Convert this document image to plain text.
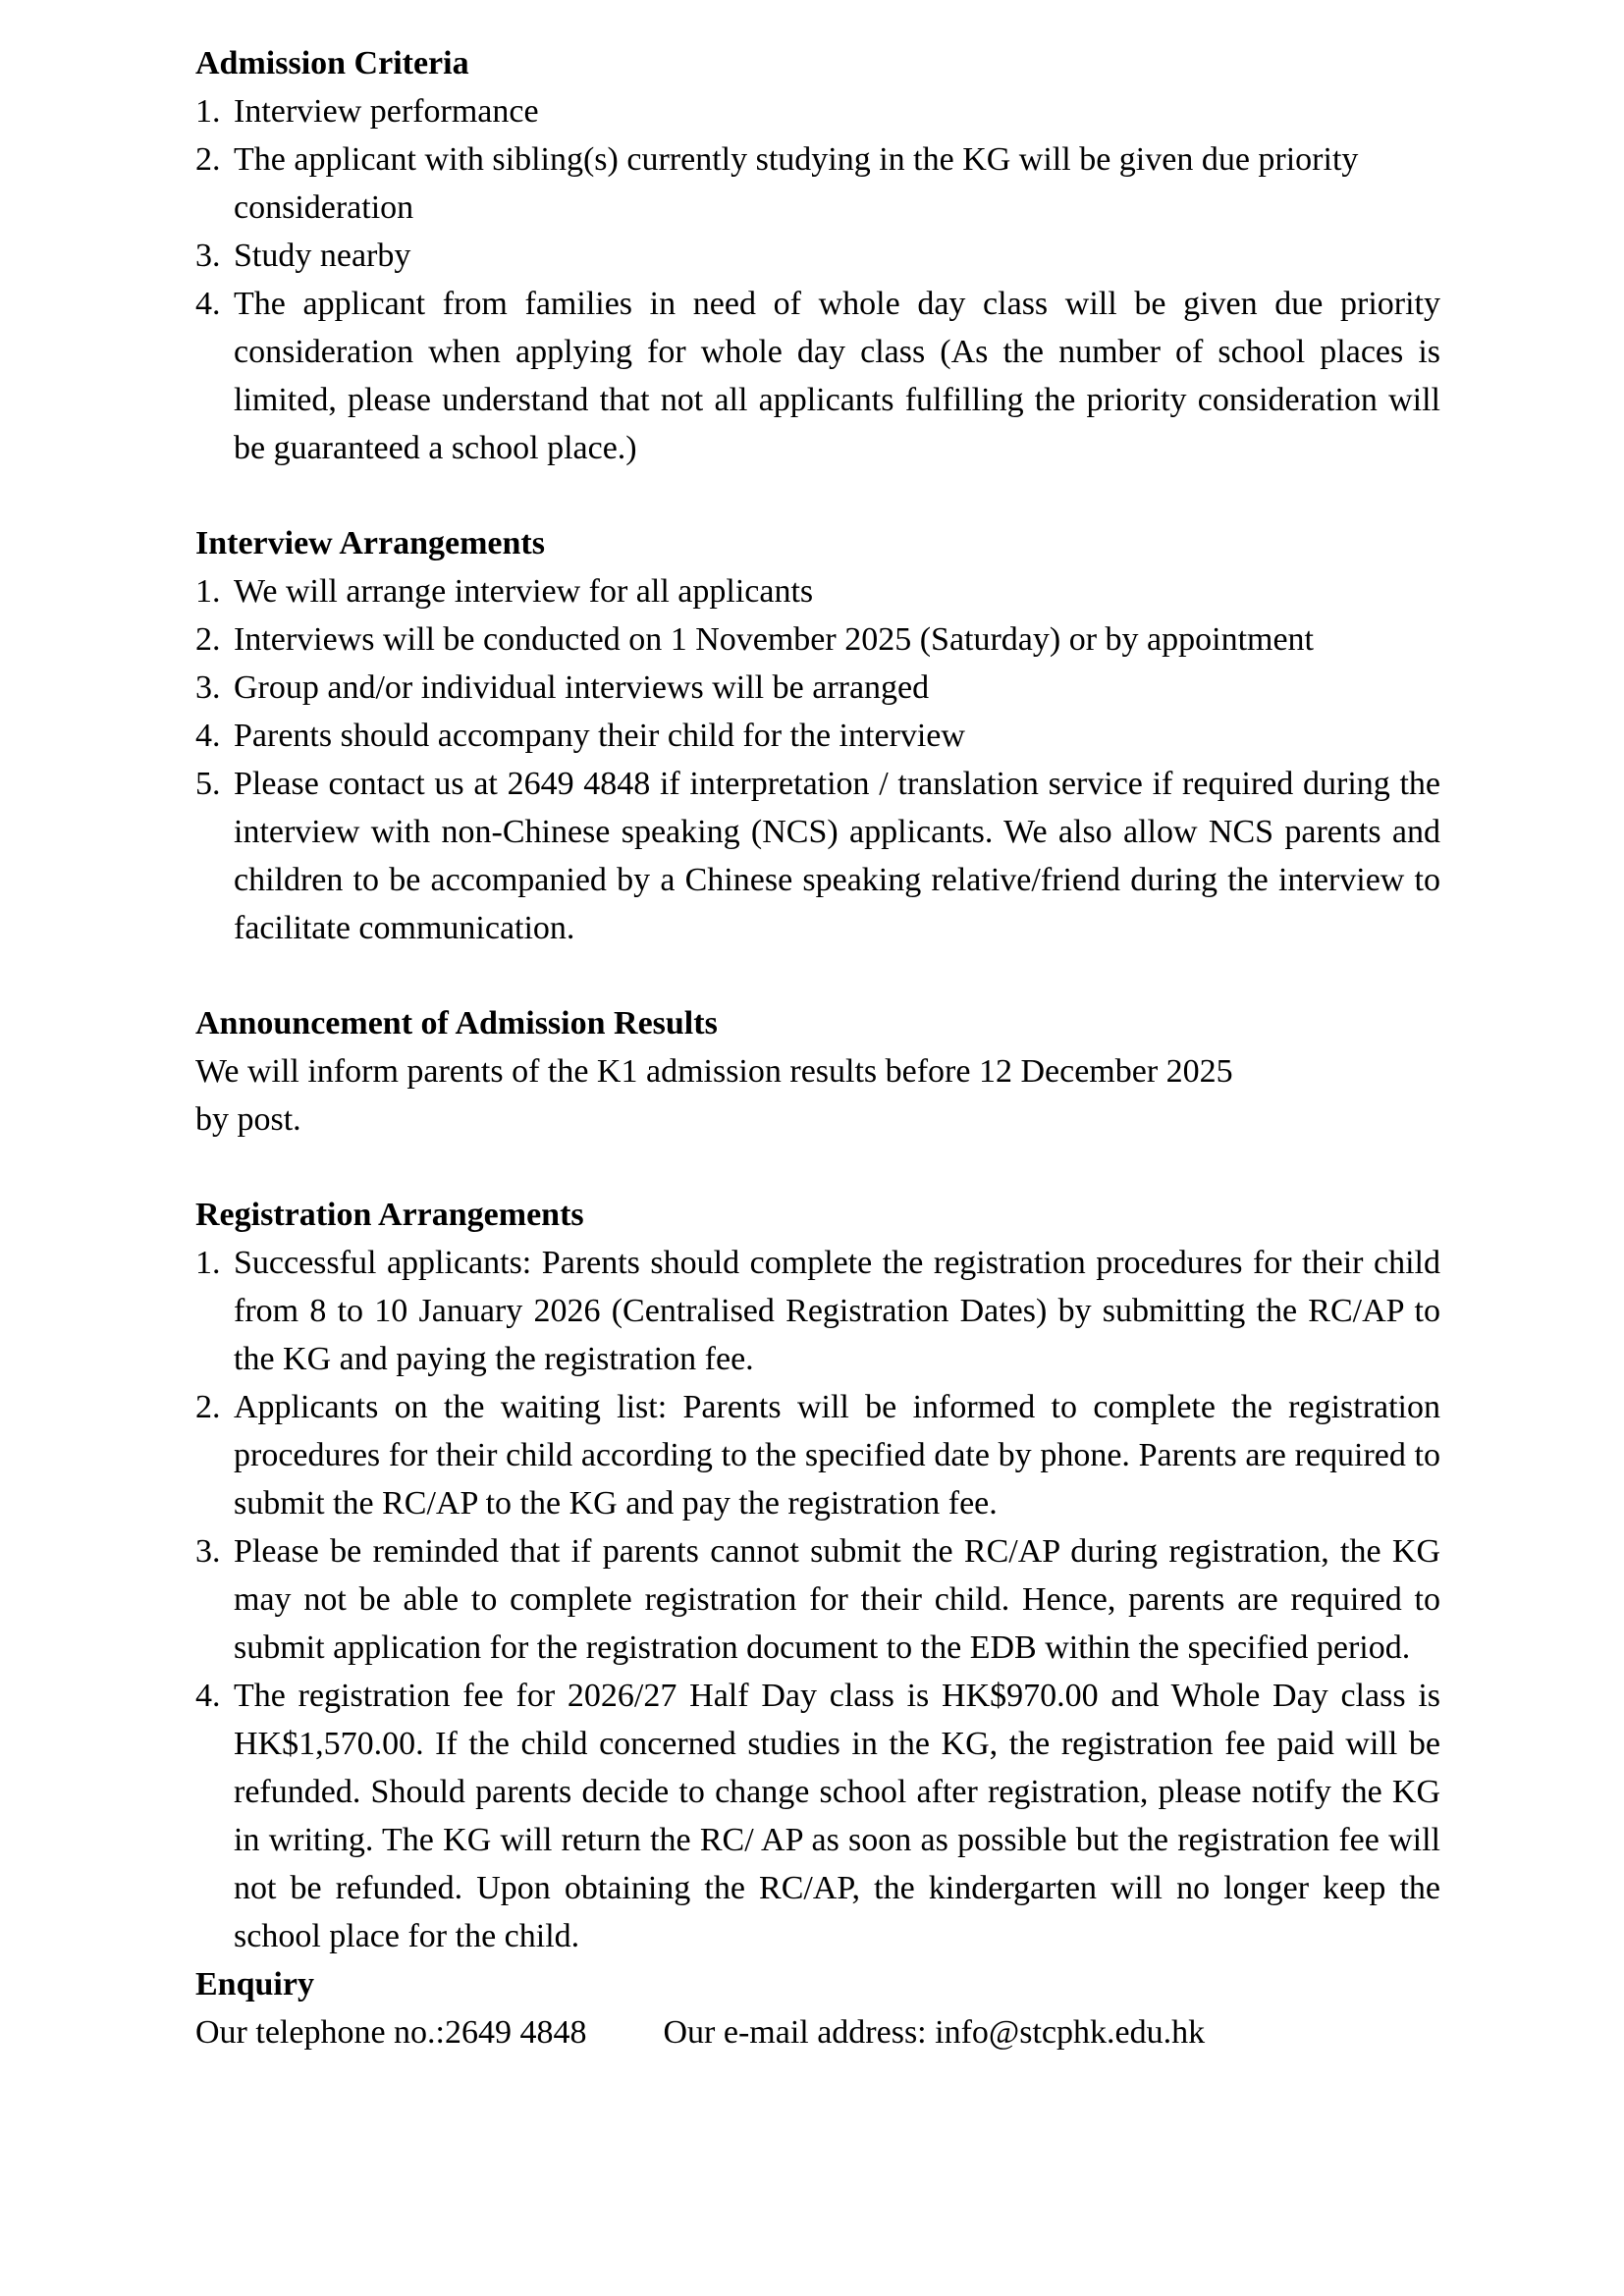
Admission Criteria
1. Interview performance
2. The applicant with sibling(s) currently studying in the KG will be given due priority consideration
3. Study nearby
4. The applicant from families in need of whole day class will be given due priority consideration when applying for whole day class (As the number of school places is limited, please understand that not all applicants fulfilling the priority consideration will be guaranteed a school place.)
Interview Arrangements
1. We will arrange interview for all applicants
2. Interviews will be conducted on 1 November 2025 (Saturday) or by appointment
3. Group and/or individual interviews will be arranged
4. Parents should accompany their child for the interview
5. Please contact us at 2649 4848 if interpretation / translation service if required during the interview with non-Chinese speaking (NCS) applicants. We also allow NCS parents and children to be accompanied by a Chinese speaking relative/friend during the interview to facilitate communication.
Announcement of Admission Results

We will inform parents of the K1 admission results before 12 December 2025

by post.

Registration Arrangements
1. Successful applicants: Parents should complete the registration procedures for their child from 8 to 10 January 2026 (Centralised Registration Dates) by submitting the RC/AP to the KG and paying the registration fee.
2. Applicants on the waiting list: Parents will be informed to complete the registration procedures for their child according to the specified date by phone. Parents are required to submit the RC/AP to the KG and pay the registration fee.
3. Please be reminded that if parents cannot submit the RC/AP during registration, the KG may not be able to complete registration for their child. Hence, parents are required to submit application for the registration document to the EDB within the specified period.
4. The registration fee for 2026/27 Half Day class is HK$970.00 and Whole Day class is HK$1,570.00. If the child concerned studies in the KG, the registration fee paid will be refunded. Should parents decide to change school after registration, please notify the KG in writing. The KG will return the RC/ AP as soon as possible but the registration fee will not be refunded. Upon obtaining the RC/AP, the kindergarten will no longer keep the school place for the child.
Enquiry
Our telephone no.:2649 4848 Our e-mail address: info@stcphk.edu.hk
